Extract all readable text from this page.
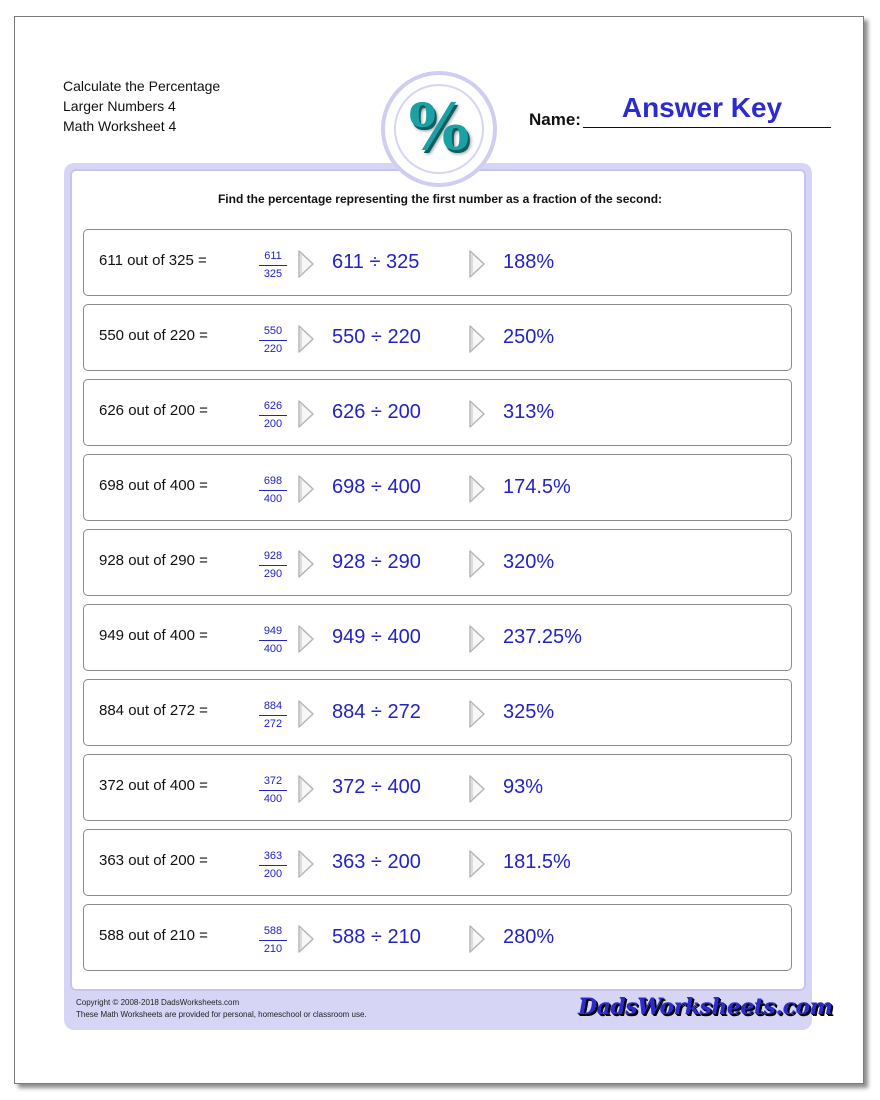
Calculate the Percentage
Larger Numbers 4
Math Worksheet 4	%	Name:	Answer Key
Find the percentage representing the first number as a fraction of the second:
611 out of 325 =	611
325
611 ÷ 325	188%
550 out of 220 =	550
220
550 ÷ 220	250%
626 out of 200 =	626
200
626 ÷ 200	313%
698 out of 400 =	698
400
698 ÷ 400	174.5%
928 out of 290 =	928
290
928 ÷ 290	320%
949 out of 400 =	949
400
949 ÷ 400	237.25%
884 out of 272 =	884
272
884 ÷ 272	325%
372 out of 400 =	372
400
372 ÷ 400	93%
363 out of 200 =	363
200
363 ÷ 200	181.5%
588 out of 210 =	588
210
588 ÷ 210	280%
Copyright © 2008-2018 DadsWorksheets.com
These Math Worksheets are provided for personal, homeschool or classroom use.	DadsWorksheets.com
